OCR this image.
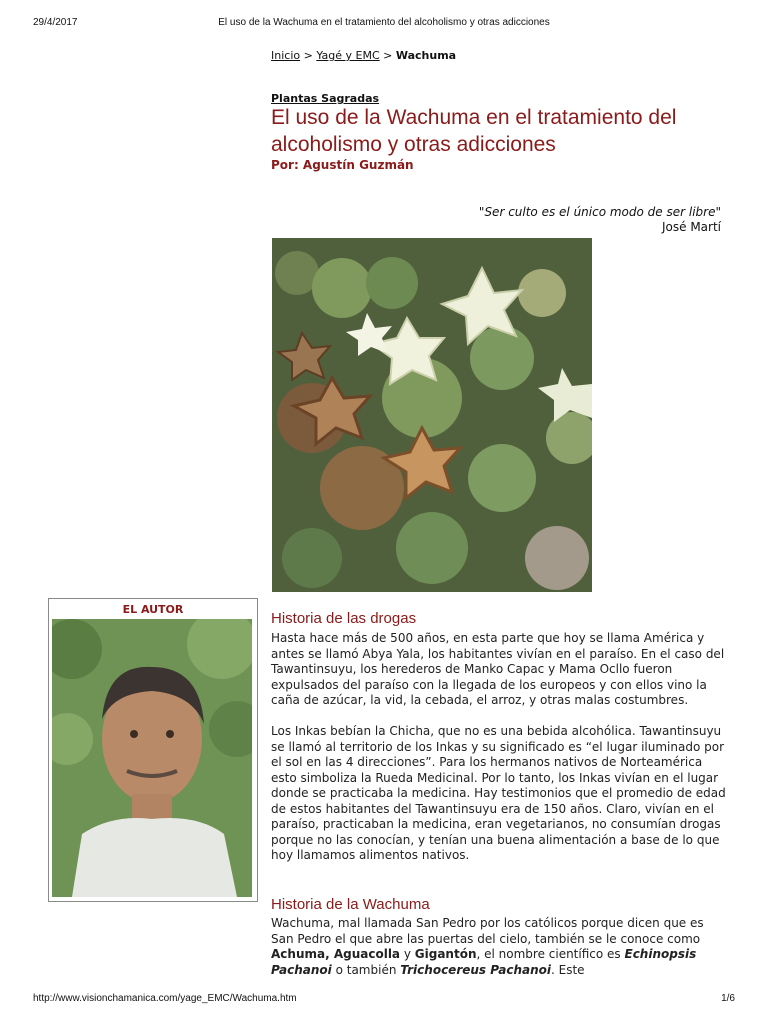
29/4/2017	El uso de la Wachuma en el tratamiento del alcoholismo y otras adicciones
Inicio > Yagé y EMC > Wachuma
Plantas Sagradas
El uso de la Wachuma en el tratamiento del alcoholismo y otras adicciones
Por: Agustín Guzmán
"Ser culto es el único modo de ser libre"
José Martí
EL AUTOR
Historia de las drogas

Hasta hace más de 500 años, en esta parte que hoy se llama América y antes se llamó Abya Yala, los habitantes vivían en el paraíso. En el caso del Tawantinsuyu, los herederos de Manko Capac y Mama Ocllo fueron expulsados del paraíso con la llegada de los europeos y con ellos vino la caña de azúcar, la vid, la cebada, el arroz, y otras malas costumbres.

Los Inkas bebían la Chicha, que no es una bebida alcohólica. Tawantinsuyu se llamó al territorio de los Inkas y su significado es “el lugar iluminado por el sol en las 4 direcciones”. Para los hermanos nativos de Norteamérica esto simboliza la Rueda Medicinal. Por lo tanto, los Inkas vivían en el lugar donde se practicaba la medicina. Hay testimonios que el promedio de edad de estos habitantes del Tawantinsuyu era de 150 años. Claro, vivían en el paraíso, practicaban la medicina, eran vegetarianos, no consumían drogas porque no las conocían, y tenían una buena alimentación a base de lo que hoy llamamos alimentos nativos.

Historia de la Wachuma

Wachuma, mal llamada San Pedro por los católicos porque dicen que es San Pedro el que abre las puertas del cielo, también se le conoce como Achuma, Aguacolla y Gigantón, el nombre científico es Echinopsis Pachanoi o también Trichocereus Pachanoi. Este

http://www.visionchamanica.com/yage_EMC/Wachuma.htm	1/6
